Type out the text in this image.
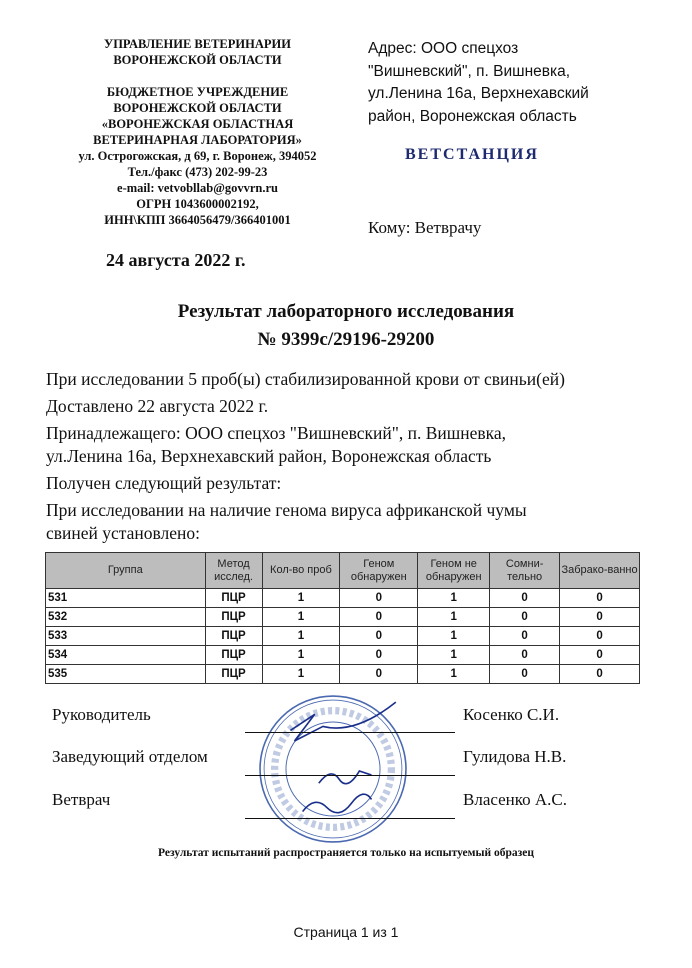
УПРАВЛЕНИЕ ВЕТЕРИНАРИИ
ВОРОНЕЖСКОЙ ОБЛАСТИ
БЮДЖЕТНОЕ УЧРЕЖДЕНИЕ
ВОРОНЕЖСКОЙ ОБЛАСТИ
«ВОРОНЕЖСКАЯ ОБЛАСТНАЯ
ВЕТЕРИНАРНАЯ ЛАБОРАТОРИЯ»
ул. Острогожская, д 69, г. Воронеж, 394052
Тел./факс (473) 202-99-23
e-mail: vetvobllab@govvrn.ru
ОГРН 1043600002192,
ИНН\КПП 3664056479/366401001
24 августа 2022 г.
Адрес: ООО спецхоз
"Вишневский", п. Вишневка,
ул.Ленина 16а, Верхнехавский
район, Воронежская область
ВЕТСТАНЦИЯ
Кому: Ветврачу
Результат лабораторного исследования
№ 9399с/29196-29200

При исследовании 5 проб(ы) стабилизированной крови от свиньи(ей)

Доставлено 22 августа 2022 г.

Принадлежащего: ООО спецхоз "Вишневский", п. Вишневка,

ул.Ленина 16а, Верхнехавский район, Воронежская область

Получен следующий результат:

При исследовании на наличие генома вируса африканской чумы

свиней установлено:

Группа	Метод исслед.	Кол-во проб	Геном обнаружен	Геном не обнаружен	Сомни-тельно	Забрако-ванно
531	ПЦР	1	0	1	0	0
532	ПЦР	1	0	1	0	0
533	ПЦР	1	0	1	0	0
534	ПЦР	1	0	1	0	0
535	ПЦР	1	0	1	0	0
Руководитель	Косенко С.И.
Заведующий отделом	Гулидова Н.В.
Ветврач	Власенко А.С.
Результат испытаний распространяется только на испытуемый образец
Страница 1 из 1
